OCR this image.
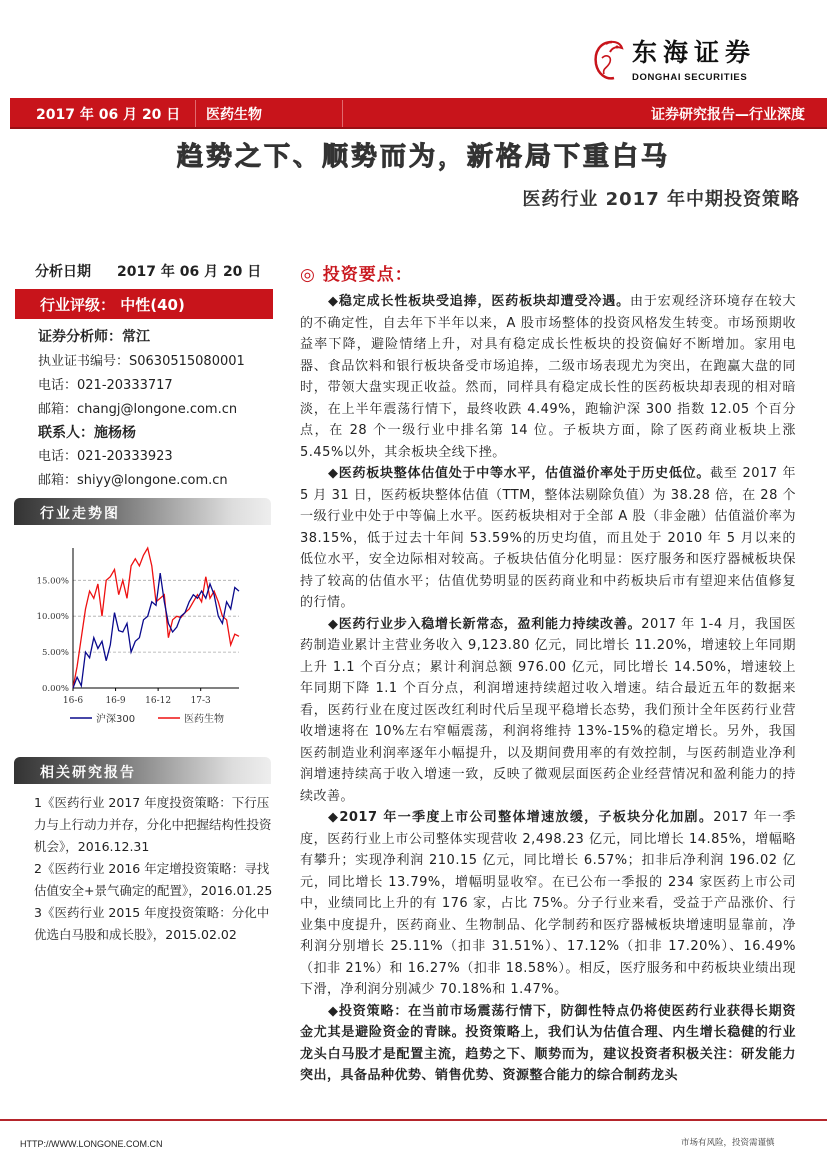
东海证券
DONGHAI SECURITIES
2017 年 06 月 20 日 医药生物	证券研究报告—行业深度
趋势之下、顺势而为，新格局下重白马
医药行业 2017 年中期投资策略
分析日期 2017 年 06 月 20 日
行业评级： 中性(40)
证券分析师：常江
执业证书编号：S0630515080001
电话：021-20333717
邮箱：changj@longone.com.cn
联系人：施杨杨
电话：021-20333923
邮箱：shiyy@longone.com.cn
行业走势图
0.00%
5.00%
10.00%
15.00%
16-6 16-9 16-12 17-3
沪深300	医药生物
相关研究报告
1《医药行业 2017 年度投资策略：下行压力与上行动力并存，分化中把握结构性投资机会》，2016.12.31
2《医药行业 2016 年定增投资策略：寻找估值安全+景气确定的配置》，2016.01.25
3《医药行业 2015 年度投资策略：分化中优选白马股和成长股》，2015.02.02
◎ 投资要点：

◆稳定成长性板块受追捧，医药板块却遭受冷遇。由于宏观经济环境存在较大的不确定性，自去年下半年以来，A 股市场整体的投资风格发生转变。市场预期收益率下降，避险情绪上升，对具有稳定成长性板块的投资偏好不断增加。家用电器、食品饮料和银行板块备受市场追捧，二级市场表现尤为突出，在跑赢大盘的同时，带领大盘实现正收益。然而，同样具有稳定成长性的医药板块却表现的相对暗淡，在上半年震荡行情下，最终收跌 4.49%，跑输沪深 300 指数 12.05 个百分点，在 28 个一级行业中排名第 14 位。子板块方面，除了医药商业板块上涨 5.45%以外，其余板块全线下挫。

◆医药板块整体估值处于中等水平，估值溢价率处于历史低位。截至 2017 年 5 月 31 日，医药板块整体估值（TTM，整体法剔除负值）为 38.28 倍，在 28 个一级行业中处于中等偏上水平。医药板块相对于全部 A 股（非金融）估值溢价率为 38.15%，低于过去十年间 53.59%的历史均值，而且处于 2010 年 5 月以来的低位水平，安全边际相对较高。子板块估值分化明显：医疗服务和医疗器械板块保持了较高的估值水平；估值优势明显的医药商业和中药板块后市有望迎来估值修复的行情。

◆医药行业步入稳增长新常态，盈利能力持续改善。2017 年 1-4 月，我国医药制造业累计主营业务收入 9,123.80 亿元，同比增长 11.20%，增速较上年同期上升 1.1 个百分点；累计利润总额 976.00 亿元，同比增长 14.50%，增速较上年同期下降 1.1 个百分点，利润增速持续超过收入增速。结合最近五年的数据来看，医药行业在度过医改红利时代后呈现平稳增长态势，我们预计全年医药行业营收增速将在 10%左右窄幅震荡，利润将维持 13%-15%的稳定增长。另外，我国医药制造业利润率逐年小幅提升，以及期间费用率的有效控制，与医药制造业净利润增速持续高于收入增速一致，反映了微观层面医药企业经营情况和盈利能力的持续改善。

◆2017 年一季度上市公司整体增速放缓，子板块分化加剧。2017 年一季度，医药行业上市公司整体实现营收 2,498.23 亿元，同比增长 14.85%，增幅略有攀升；实现净利润 210.15 亿元，同比增长 6.57%；扣非后净利润 196.02 亿元，同比增长 13.79%，增幅明显收窄。在已公布一季报的 234 家医药上市公司中，业绩同比上升的有 176 家，占比 75%。分子行业来看，受益于产品涨价、行业集中度提升，医药商业、生物制品、化学制药和医疗器械板块增速明显靠前，净利润分别增长 25.11%（扣非 31.51%）、17.12%（扣非 17.20%）、16.49%（扣非 21%）和 16.27%（扣非 18.58%）。相反，医疗服务和中药板块业绩出现下滑，净利润分别减少 70.18%和 1.47%。

◆投资策略：在当前市场震荡行情下，防御性特点仍将使医药行业获得长期资金尤其是避险资金的青睐。投资策略上，我们认为估值合理、内生增长稳健的行业龙头白马股才是配置主流，趋势之下、顺势而为，建议投资者积极关注：研发能力突出，具备品种优势、销售优势、资源整合能力的综合制药龙头

HTTP://WWW.LONGONE.COM.CN	市场有风险，投资需谨慎
